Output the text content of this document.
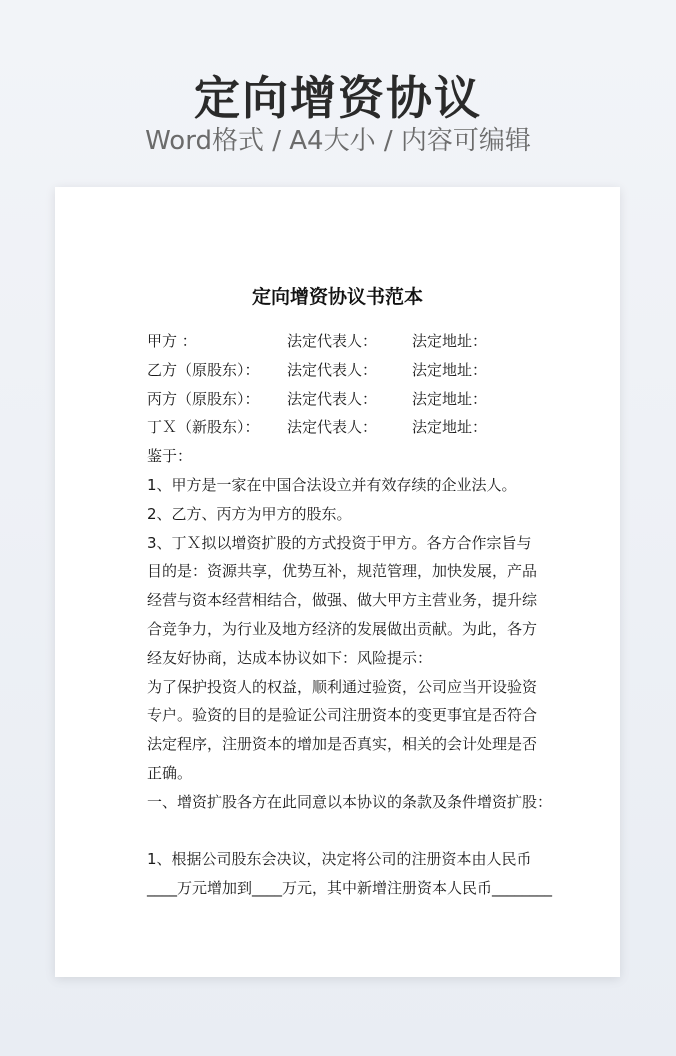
定向增资协议
Word格式 / A4大小 / 内容可编辑
定向增资协议书范本
甲方 ：	法定代表人： 法定地址：
乙方（原股东）： 法定代表人： 法定地址：
丙方（原股东）： 法定代表人： 法定地址：
丁Ｘ（新股东）： 法定代表人： 法定地址：
鉴于：
1、甲方是一家在中国合法设立并有效存续的企业法人。
2、乙方、丙方为甲方的股东。
3、丁Ｘ拟以增资扩股的方式投资于甲方。各方合作宗旨与
目的是：资源共享，优势互补，规范管理，加快发展，产品
经营与资本经营相结合，做强、做大甲方主营业务，提升综
合竞争力，为行业及地方经济的发展做出贡献。为此，各方
经友好协商，达成本协议如下：风险提示：
为了保护投资人的权益，顺利通过验资，公司应当开设验资
专户。验资的目的是验证公司注册资本的变更事宜是否符合
法定程序，注册资本的增加是否真实，相关的会计处理是否
正确。
一、增资扩股各方在此同意以本协议的条款及条件增资扩股：
1、根据公司股东会决议，决定将公司的注册资本由人民币
____万元增加到____万元，其中新增注册资本人民币________
